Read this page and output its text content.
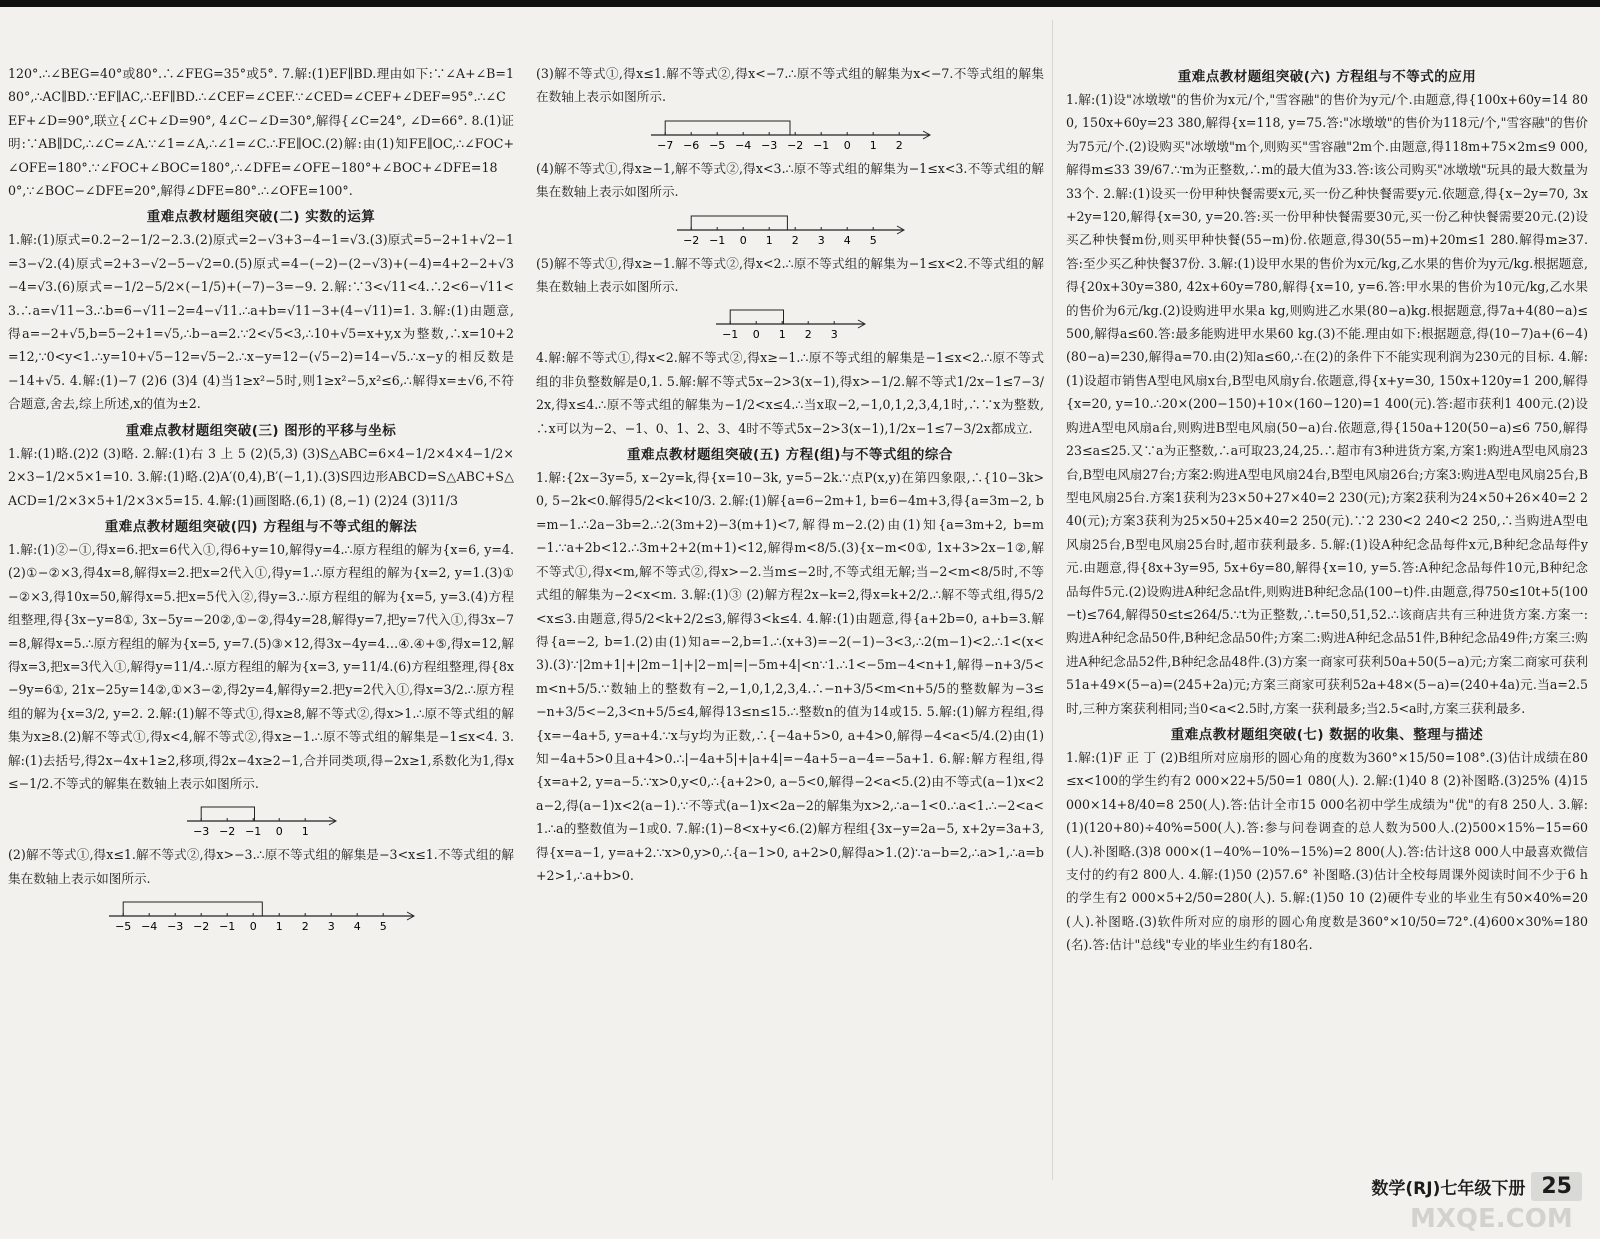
120°.∴∠BEG=40°或80°.∴∠FEG=35°或5°. 7.解:(1)EF∥BD.理由如下:∵∠A+∠B=180°,∴AC∥BD.∵EF∥AC,∴EF∥BD.∴∠CEF=∠CEF.∵∠CED=∠CEF+∠DEF=95°.∴∠CEF+∠D=90°,联立{∠C+∠D=90°, 4∠C−∠D=30°,解得{∠C=24°, ∠D=66°. 8.(1)证明:∵AB∥DC,∴∠C=∠A.∵∠1=∠A,∴∠1=∠C.∴FE∥OC.(2)解:由(1)知FE∥OC,∴∠FOC+∠OFE=180°.∵∠FOC+∠BOC=180°,∴∠DFE=∠OFE−180°+∠BOC+∠DFE=180°,∵∠BOC−∠DFE=20°,解得∠DFE=80°.∴∠OFE=100°.

重难点教材题组突破(二) 实数的运算

1.解:(1)原式=0.2−2−1/2−2.3.(2)原式=2−√3+3−4−1=√3.(3)原式=5−2+1+√2−1=3−√2.(4)原式=2+3−√2−5−√2=0.(5)原式=4−(−2)−(2−√3)+(−4)=4+2−2+√3−4=√3.(6)原式=−1/2−5/2×(−1/5)+(−7)−3=−9. 2.解:∵3<√11<4.∴2<6−√11<3.∴a=√11−3.∴b=6−√11−2=4−√11.∴a+b=√11−3+(4−√11)=1. 3.解:(1)由题意,得a=−2+√5,b=5−2+1=√5,∴b−a=2.∵2<√5<3,∴10+√5=x+y,x为整数,∴x=10+2=12,∵0<y<1.∴y=10+√5−12=√5−2.∴x−y=12−(√5−2)=14−√5.∴x−y的相反数是−14+√5. 4.解:(1)−7 (2)6 (3)4 (4)当1≥x²−5时,则1≥x²−5,x²≤6,∴解得x=±√6,不符合题意,舍去,综上所述,x的值为±2.

重难点教材题组突破(三) 图形的平移与坐标

1.解:(1)略.(2)2 (3)略. 2.解:(1)右 3 上 5 (2)(5,3) (3)S△ABC=6×4−1/2×4×4−1/2×2×3−1/2×5×1=10. 3.解:(1)略.(2)A′(0,4),B′(−1,1).(3)S四边形ABCD=S△ABC+S△ACD=1/2×3×5+1/2×3×5=15. 4.解:(1)画图略.(6,1) (8,−1) (2)24 (3)11/3

重难点教材题组突破(四) 方程组与不等式组的解法

1.解:(1)②−①,得x=6.把x=6代入①,得6+y=10,解得y=4.∴原方程组的解为{x=6, y=4.(2)①−②×3,得4x=8,解得x=2.把x=2代入①,得y=1.∴原方程组的解为{x=2, y=1.(3)①−②×3,得10x=50,解得x=5.把x=5代入②,得y=3.∴原方程组的解为{x=5, y=3.(4)方程组整理,得{3x−y=8①, 3x−5y=−20②,①−②,得4y=28,解得y=7,把y=7代入①,得3x−7=8,解得x=5.∴原方程组的解为{x=5, y=7.(5)③×12,得3x−4y=4…④.④+⑤,得x=12,解得x=3,把x=3代入①,解得y=11/4.∴原方程组的解为{x=3, y=11/4.(6)方程组整理,得{8x−9y=6①, 21x−25y=14②,①×3−②,得2y=4,解得y=2.把y=2代入①,得x=3/2.∴原方程组的解为{x=3/2, y=2. 2.解:(1)解不等式①,得x≥8,解不等式②,得x>1.∴原不等式组的解集为x≥8.(2)解不等式①,得x<4,解不等式②,得x≥−1.∴原不等式组的解集是−1≤x<4. 3.解:(1)去括号,得2x−4x+1≥2,移项,得2x−4x≥2−1,合并同类项,得−2x≥1,系数化为1,得x≤−1/2.不等式的解集在数轴上表示如图所示.

−3 −2 −1 0 1

(2)解不等式①,得x≤1.解不等式②,得x>−3.∴原不等式组的解集是−3<x≤1.不等式组的解集在数轴上表示如图所示.

−5 −4 −3 −2 −1 0 1 2 3 4 5

(3)解不等式①,得x≤1.解不等式②,得x<−7.∴原不等式组的解集为x<−7.不等式组的解集在数轴上表示如图所示.

−7 −6 −5 −4 −3 −2 −1 0 1 2

(4)解不等式①,得x≥−1,解不等式②,得x<3.∴原不等式组的解集为−1≤x<3.不等式组的解集在数轴上表示如图所示.

−2 −1 0 1 2 3 4 5

(5)解不等式①,得x≥−1.解不等式②,得x<2.∴原不等式组的解集为−1≤x<2.不等式组的解集在数轴上表示如图所示.

−1 0 1 2 3

4.解:解不等式①,得x<2.解不等式②,得x≥−1.∴原不等式组的解集是−1≤x<2.∴原不等式组的非负整数解是0,1. 5.解:解不等式5x−2>3(x−1),得x>−1/2.解不等式1/2x−1≤7−3/2x,得x≤4.∴原不等式组的解集为−1/2<x≤4.∴当x取−2,−1,0,1,2,3,4,1时,∴∵x为整数,∴x可以为−2、−1、0、1、2、3、4时不等式5x−2>3(x−1),1/2x−1≤7−3/2x都成立.

重难点教材题组突破(五) 方程(组)与不等式组的综合

1.解:{2x−3y=5, x−2y=k,得{x=10−3k, y=5−2k.∵点P(x,y)在第四象限,∴{10−3k>0, 5−2k<0.解得5/2<k<10/3. 2.解:(1)解{a=6−2m+1, b=6−4m+3,得{a=3m−2, b=m−1.∴2a−3b=2.∴2(3m+2)−3(m+1)<7,解得m−2.(2)由(1)知{a=3m+2, b=m−1.∵a+2b<12.∴3m+2+2(m+1)<12,解得m<8/5.(3){x−m<0①, 1x+3>2x−1②,解不等式①,得x<m,解不等式②,得x>−2.当m≤−2时,不等式组无解;当−2<m<8/5时,不等式组的解集为−2<x<m. 3.解:(1)③ (2)解方程2x−k=2,得x=k+2/2.∴解不等式组,得5/2<x≤3.由题意,得5/2<k+2/2≤3,解得3<k≤4. 4.解:(1)由题意,得{a+2b=0, a+b=3.解得{a=−2, b=1.(2)由(1)知a=−2,b=1.∴(x+3)=−2(−1)−3<3,∴2(m−1)<2.∴1<(x<3).(3)∵|2m+1|+|2m−1|+|2−m|=|−5m+4|<n∵1.∴1<−5m−4<n+1,解得−n+3/5<m<n+5/5.∵数轴上的整数有−2,−1,0,1,2,3,4.∴−n+3/5<m<n+5/5的整数解为−3≤−n+3/5<−2,3<n+5/5≤4,解得13≤n≤15.∴整数n的值为14或15. 5.解:(1)解方程组,得{x=−4a+5, y=a+4.∵x与y均为正数,∴{−4a+5>0, a+4>0,解得−4<a<5/4.(2)由(1)知−4a+5>0且a+4>0.∴|−4a+5|+|a+4|=−4a+5−a−4=−5a+1. 6.解:解方程组,得{x=a+2, y=a−5.∵x>0,y<0,∴{a+2>0, a−5<0,解得−2<a<5.(2)由不等式(a−1)x<2a−2,得(a−1)x<2(a−1).∵不等式(a−1)x<2a−2的解集为x>2,∴a−1<0.∴a<1.∴−2<a<1.∴a的整数值为−1或0. 7.解:(1)−8<x+y<6.(2)解方程组{3x−y=2a−5, x+2y=3a+3,得{x=a−1, y=a+2.∵x>0,y>0,∴{a−1>0, a+2>0,解得a>1.(2)∵a−b=2,∴a>1,∴a=b+2>1,∴a+b>0.

重难点教材题组突破(六) 方程组与不等式的应用

1.解:(1)设"冰墩墩"的售价为x元/个,"雪容融"的售价为y元/个.由题意,得{100x+60y=14 800, 150x+60y=23 380,解得{x=118, y=75.答:"冰墩墩"的售价为118元/个,"雪容融"的售价为75元/个.(2)设购买"冰墩墩"m个,则购买"雪容融"2m个.由题意,得118m+75×2m≤9 000,解得m≤33 39/67.∵m为正整数,∴m的最大值为33.答:该公司购买"冰墩墩"玩具的最大数量为33个. 2.解:(1)设买一份甲种快餐需要x元,买一份乙种快餐需要y元.依题意,得{x−2y=70, 3x+2y=120,解得{x=30, y=20.答:买一份甲种快餐需要30元,买一份乙种快餐需要20元.(2)设买乙种快餐m份,则买甲种快餐(55−m)份.依题意,得30(55−m)+20m≤1 280.解得m≥37.答:至少买乙种快餐37份. 3.解:(1)设甲水果的售价为x元/kg,乙水果的售价为y元/kg.根据题意,得{20x+30y=380, 42x+60y=780,解得{x=10, y=6.答:甲水果的售价为10元/kg,乙水果的售价为6元/kg.(2)设购进甲水果a kg,则购进乙水果(80−a)kg.根据题意,得7a+4(80−a)≤500,解得a≤60.答:最多能购进甲水果60 kg.(3)不能.理由如下:根据题意,得(10−7)a+(6−4)(80−a)=230,解得a=70.由(2)知a≤60,∴在(2)的条件下不能实现利润为230元的目标. 4.解:(1)设超市销售A型电风扇x台,B型电风扇y台.依题意,得{x+y=30, 150x+120y=1 200,解得{x=20, y=10.∴20×(200−150)+10×(160−120)=1 400(元).答:超市获利1 400元.(2)设购进A型电风扇a台,则购进B型电风扇(50−a)台.依题意,得{150a+120(50−a)≤6 750,解得23≤a≤25.又∵a为正整数,∴a可取23,24,25.∴超市有3种进货方案,方案1:购进A型电风扇23台,B型电风扇27台;方案2:购进A型电风扇24台,B型电风扇26台;方案3:购进A型电风扇25台,B型电风扇25台.方案1获利为23×50+27×40=2 230(元);方案2获利为24×50+26×40=2 240(元);方案3获利为25×50+25×40=2 250(元).∵2 230<2 240<2 250,∴当购进A型电风扇25台,B型电风扇25台时,超市获利最多. 5.解:(1)设A种纪念品每件x元,B种纪念品每件y元.由题意,得{8x+3y=95, 5x+6y=80,解得{x=10, y=5.答:A种纪念品每件10元,B种纪念品每件5元.(2)设购进A种纪念品t件,则购进B种纪念品(100−t)件.由题意,得750≤10t+5(100−t)≤764,解得50≤t≤264/5.∵t为正整数,∴t=50,51,52.∴该商店共有三种进货方案.方案一:购进A种纪念品50件,B种纪念品50件;方案二:购进A种纪念品51件,B种纪念品49件;方案三:购进A种纪念品52件,B种纪念品48件.(3)方案一商家可获利50a+50(5−a)元;方案二商家可获利51a+49×(5−a)=(245+2a)元;方案三商家可获利52a+48×(5−a)=(240+4a)元.当a=2.5时,三种方案获利相同;当0<a<2.5时,方案一获利最多;当2.5<a时,方案三获利最多.

重难点教材题组突破(七) 数据的收集、整理与描述

1.解:(1)F 正 丁 (2)B组所对应扇形的圆心角的度数为360°×15/50=108°.(3)估计成绩在80≤x<100的学生约有2 000×22+5/50=1 080(人). 2.解:(1)40 8 (2)补图略.(3)25% (4)15 000×14+8/40=8 250(人).答:估计全市15 000名初中学生成绩为"优"的有8 250人. 3.解:(1)(120+80)÷40%=500(人).答:参与问卷调查的总人数为500人.(2)500×15%−15=60(人).补图略.(3)8 000×(1−40%−10%−15%)=2 800(人).答:估计这8 000人中最喜欢微信支付的约有2 800人. 4.解:(1)50 (2)57.6° 补图略.(3)估计全校每周课外阅读时间不少于6 h的学生有2 000×5+2/50=280(人). 5.解:(1)50 10 (2)硬件专业的毕业生有50×40%=20(人).补图略.(3)软件所对应的扇形的圆心角度数是360°×10/50=72°.(4)600×30%=180(名).答:估计"总线"专业的毕业生约有180名.

数学(RJ)七年级下册 25
MXQE.COM
